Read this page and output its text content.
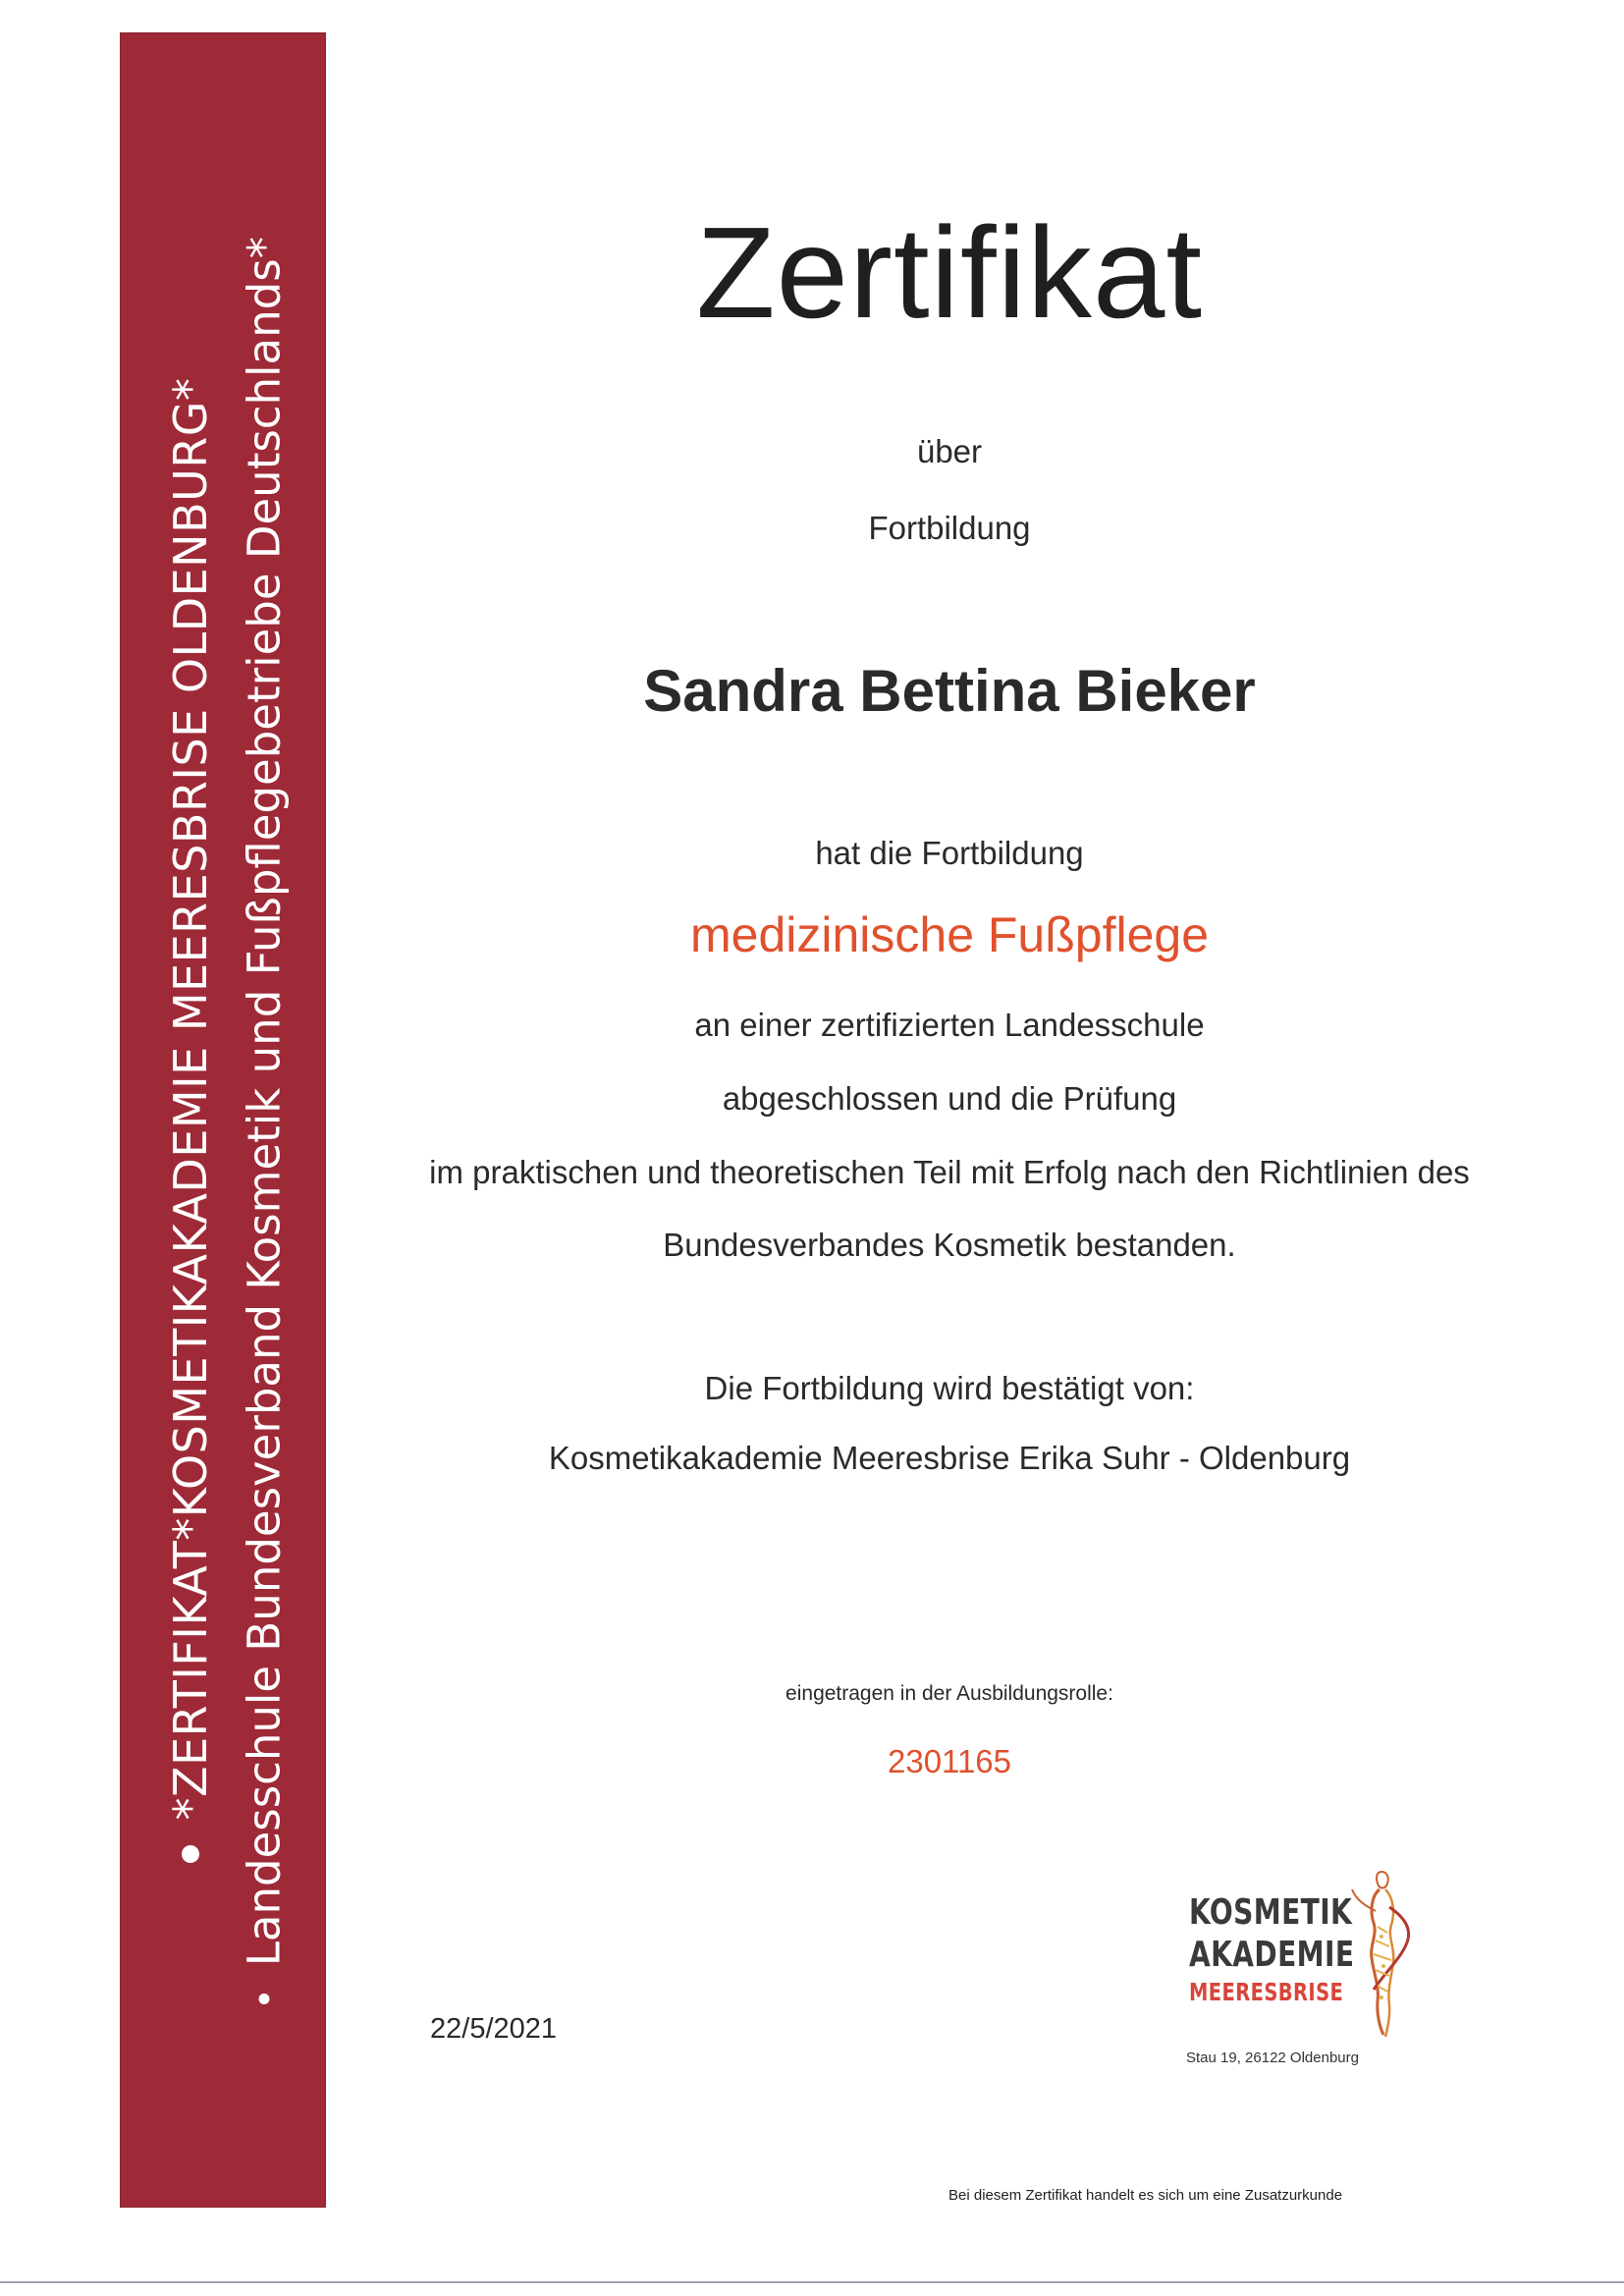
*ZERTIFIKAT*KOSMETIKAKADEMIE MEERESBRISE OLDENBURG* Landesschule Bundesverband Kosmetik und Fußpflegebetriebe Deutschlands*	Zertifikat
über
Fortbildung
Sandra Bettina Bieker
hat die Fortbildung
medizinische Fußpflege
an einer zertifizierten Landesschule
abgeschlossen und die Prüfung
im praktischen und theoretischen Teil mit Erfolg nach den Richtlinien des
Bundesverbandes Kosmetik bestanden.
Die Fortbildung wird bestätigt von:
Kosmetikakademie Meeresbrise Erika Suhr - Oldenburg
eingetragen in der Ausbildungsrolle:
2301165
22/5/2021
KOSMETIK
AKADEMIE
MEERESBRISE
Stau 19, 26122 Oldenburg
Bei diesem Zertifikat handelt es sich um eine Zusatzurkunde
